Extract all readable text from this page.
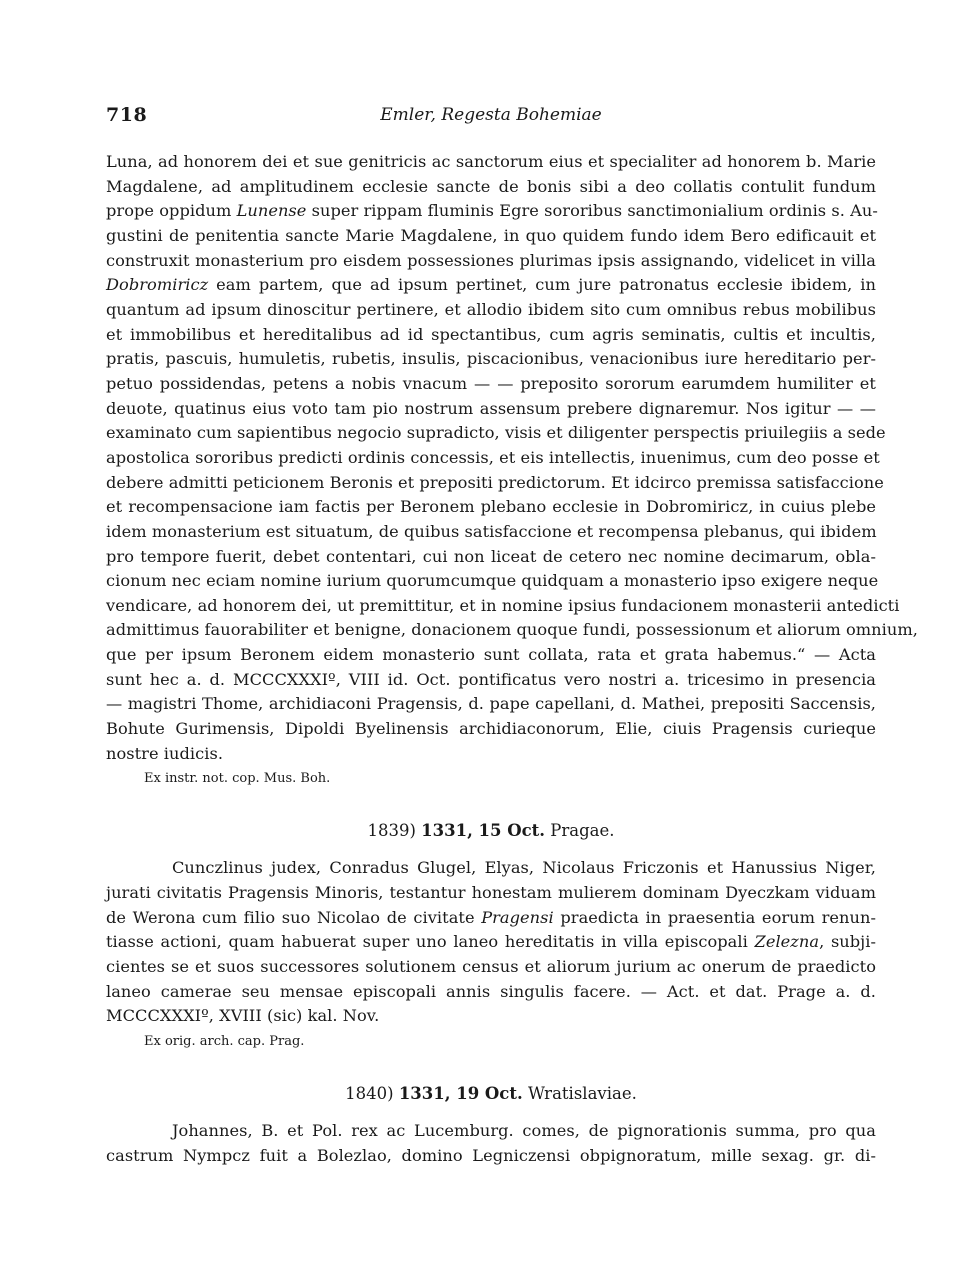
718	Emler, Regesta Bohemiae
Luna, ad honorem dei et sue genitricis ac sanctorum eius et specialiter ad honorem b. Marie
Magdalene, ad amplitudinem ecclesie sancte de bonis sibi a deo collatis contulit fundum
prope oppidum Lunense super rippam fluminis Egre sororibus sanctimonialium ordinis s. Au-
gustini de penitentia sancte Marie Magdalene, in quo quidem fundo idem Bero edificauit et
construxit monasterium pro eisdem possessiones plurimas ipsis assignando, videlicet in villa
Dobromiricz eam partem, que ad ipsum pertinet, cum jure patronatus ecclesie ibidem, in
quantum ad ipsum dinoscitur pertinere, et allodio ibidem sito cum omnibus rebus mobilibus
et immobilibus et hereditalibus ad id spectantibus, cum agris seminatis, cultis et incultis,
pratis, pascuis, humuletis, rubetis, insulis, piscacionibus, venacionibus iure hereditario per-
petuo possidendas, petens a nobis vnacum — — preposito sororum earumdem humiliter et
deuote, quatinus eius voto tam pio nostrum assensum prebere dignaremur. Nos igitur — —
examinato cum sapientibus negocio supradicto, visis et diligenter perspectis priuilegiis a sede
apostolica sororibus predicti ordinis concessis, et eis intellectis, inuenimus, cum deo posse et
debere admitti peticionem Beronis et prepositi predictorum. Et idcirco premissa satisfaccione
et recompensacione iam factis per Beronem plebano ecclesie in Dobromiricz, in cuius plebe
idem monasterium est situatum, de quibus satisfaccione et recompensa plebanus, qui ibidem
pro tempore fuerit, debet contentari, cui non liceat de cetero nec nomine decimarum, obla-
cionum nec eciam nomine iurium quorumcumque quidquam a monasterio ipso exigere neque
vendicare, ad honorem dei, ut premittitur, et in nomine ipsius fundacionem monasterii antedicti
admittimus fauorabiliter et benigne, donacionem quoque fundi, possessionum et aliorum omnium,
que per ipsum Beronem eidem monasterio sunt collata, rata et grata habemus.“ — Acta
sunt hec a. d. MCCCXXXIº, VIII id. Oct. pontificatus vero nostri a. tricesimo in presencia
— magistri Thome, archidiaconi Pragensis, d. pape capellani, d. Mathei, prepositi Saccensis,
Bohute Gurimensis, Dipoldi Byelinensis archidiaconorum, Elie, ciuis Pragensis curieque
nostre iudicis.
Ex instr. not. cop. Mus. Boh.
1839) 1331, 15 Oct. Pragae.
Cunczlinus judex, Conradus Glugel, Elyas, Nicolaus Friczonis et Hanussius Niger,
jurati civitatis Pragensis Minoris, testantur honestam mulierem dominam Dyeczkam viduam
de Werona cum filio suo Nicolao de civitate Pragensi praedicta in praesentia eorum renun-
tiasse actioni, quam habuerat super uno laneo hereditatis in villa episcopali Zelezna, subji-
cientes se et suos successores solutionem census et aliorum jurium ac onerum de praedicto
laneo camerae seu mensae episcopali annis singulis facere. — Act. et dat. Prage a. d.
MCCCXXXIº, XVIII (sic) kal. Nov.
Ex orig. arch. cap. Prag.
1840) 1331, 19 Oct. Wratislaviae.
Johannes, B. et Pol. rex ac Lucemburg. comes, de pignorationis summa, pro qua
castrum Nympcz fuit a Bolezlao, domino Legniczensi obpignoratum, mille sexag. gr. di-
